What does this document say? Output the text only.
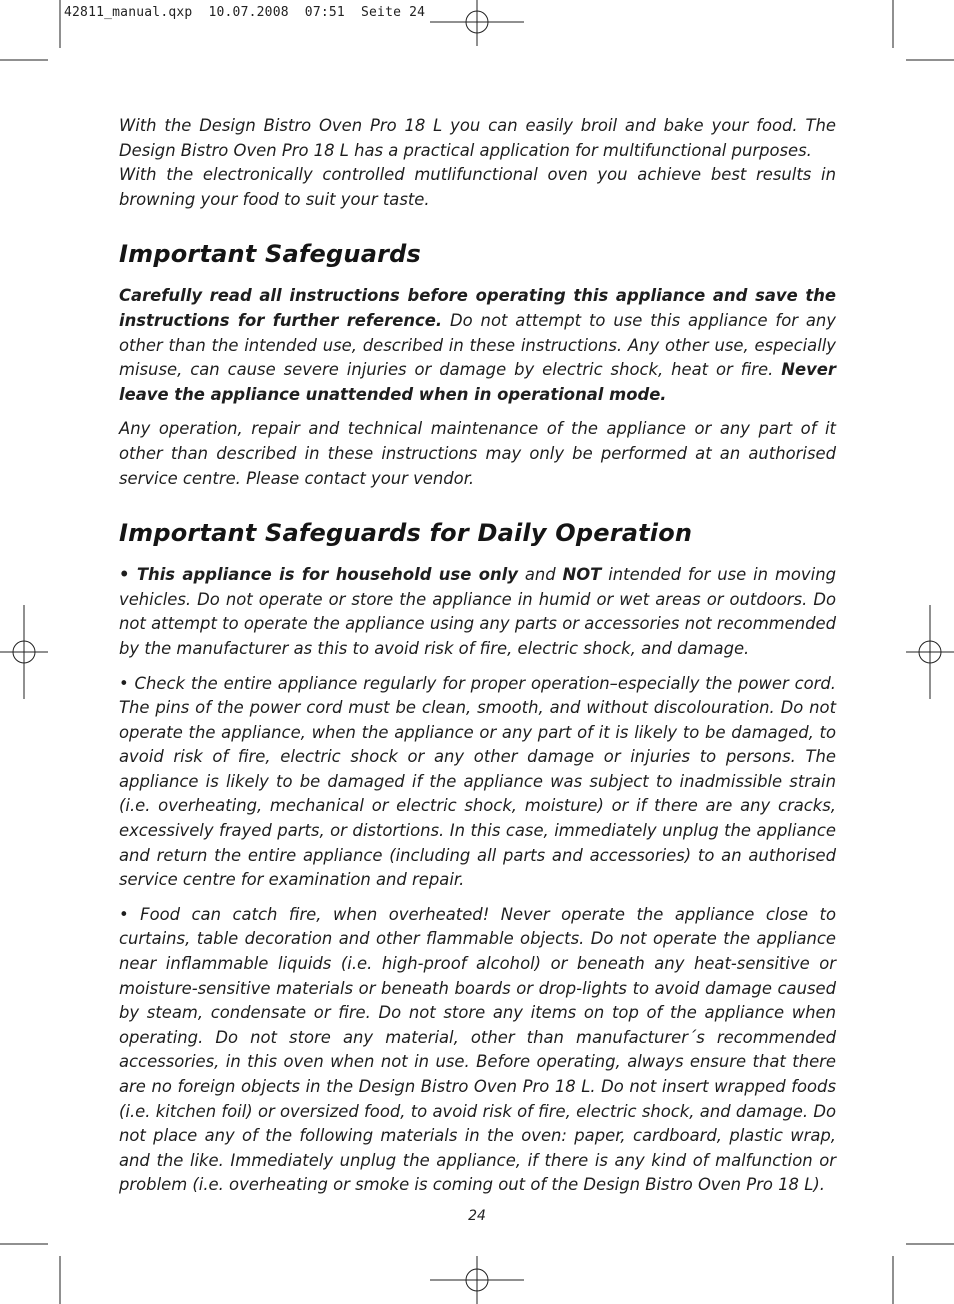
42811_manual.qxp  10.07.2008  07:51  Seite 24

With the Design Bistro Oven Pro 18 L you can easily broil and bake your food. The Design Bistro Oven Pro 18 L has a practical application for multifunctional purposes.

With the electronically controlled mutlifunctional oven you achieve best results in browning your food to suit your taste.

Important Safeguards

Carefully read all instructions before operating this appliance and save the instructions for further reference. Do not attempt to use this appliance for any other than the intended use, described in these instructions. Any other use, especially misuse, can cause severe injuries or damage by electric shock, heat or fire. Never leave the appliance unattended when in operational mode.

Any operation, repair and technical maintenance of the appliance or any part of it other than described in these instructions may only be performed at an authorised service centre. Please contact your vendor.

Important Safeguards for Daily Operation

• This appliance is for household use only and NOT intended for use in moving vehicles. Do not operate or store the appliance in humid or wet areas or outdoors. Do not attempt to operate the appliance using any parts or accessories not recommended by the manufacturer as this to avoid risk of fire, electric shock, and damage.

• Check the entire appliance regularly for proper operation–especially the power cord. The pins of the power cord must be clean, smooth, and without discolouration. Do not operate the appliance, when the appliance or any part of it is likely to be damaged, to avoid risk of fire, electric shock or any other damage or injuries to persons. The appliance is likely to be damaged if the appliance was subject to inadmissible strain (i.e. overheating, mechanical or electric shock, moisture) or if there are any cracks, excessively frayed parts, or distortions. In this case, immediately unplug the appliance and return the entire appliance (including all parts and accessories) to an authorised service centre for examination and repair.

• Food can catch fire, when overheated! Never operate the appliance close to curtains, table decoration and other flammable objects. Do not operate the appliance near inflammable liquids (i.e. high-proof alcohol) or beneath any heat-sensitive or moisture-sensitive materials or beneath boards or drop-lights to avoid damage caused by steam, condensate or fire. Do not store any items on top of the appliance when operating. Do not store any material, other than manufacturer´s recommended accessories, in this oven when not in use. Before operating, always ensure that there are no foreign objects in the Design Bistro Oven Pro 18 L. Do not insert wrapped foods (i.e. kitchen foil) or oversized food, to avoid risk of fire, electric shock, and damage. Do not place any of the following materials in the oven: paper, cardboard, plastic wrap, and the like. Immediately unplug the appliance, if there is any kind of malfunction or problem (i.e. overheating or smoke is coming out of the Design Bistro Oven Pro 18 L).

24
